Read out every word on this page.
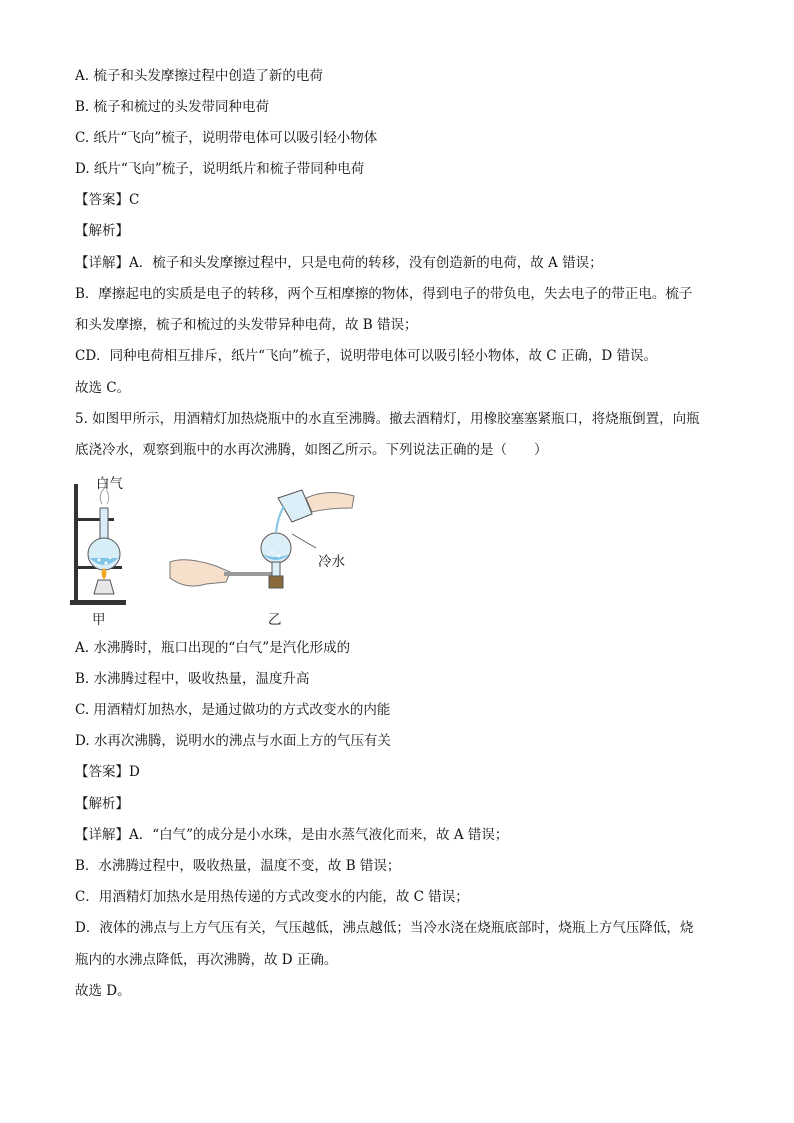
A. 梳子和头发摩擦过程中创造了新的电荷
B. 梳子和梳过的头发带同种电荷
C. 纸片“飞向”梳子，说明带电体可以吸引轻小物体
D. 纸片“飞向”梳子，说明纸片和梳子带同种电荷
【答案】C
【解析】
【详解】A．梳子和头发摩擦过程中，只是电荷的转移，没有创造新的电荷，故 A 错误；
B．摩擦起电的实质是电子的转移，两个互相摩擦的物体，得到电子的带负电，失去电子的带正电。梳子
和头发摩擦，梳子和梳过的头发带异种电荷，故 B 错误；
CD．同种电荷相互排斥，纸片“飞向”梳子，说明带电体可以吸引轻小物体，故 C 正确，D 错误。
故选 C。
5. 如图甲所示，用酒精灯加热烧瓶中的水直至沸腾。撤去酒精灯，用橡胶塞塞紧瓶口，将烧瓶倒置，向瓶
底浇冷水，观察到瓶中的水再次沸腾，如图乙所示。下列说法正确的是（　　）
白气
冷水
甲	乙
A. 水沸腾时，瓶口出现的“白气”是汽化形成的
B. 水沸腾过程中，吸收热量，温度升高
C. 用酒精灯加热水，是通过做功的方式改变水的内能
D. 水再次沸腾，说明水的沸点与水面上方的气压有关
【答案】D
【解析】
【详解】A．“白气”的成分是小水珠，是由水蒸气液化而来，故 A 错误；
B．水沸腾过程中，吸收热量，温度不变，故 B 错误；
C．用酒精灯加热水是用热传递的方式改变水的内能，故 C 错误；
D．液体的沸点与上方气压有关，气压越低，沸点越低；当冷水浇在烧瓶底部时，烧瓶上方气压降低，烧
瓶内的水沸点降低，再次沸腾，故 D 正确。
故选 D。
